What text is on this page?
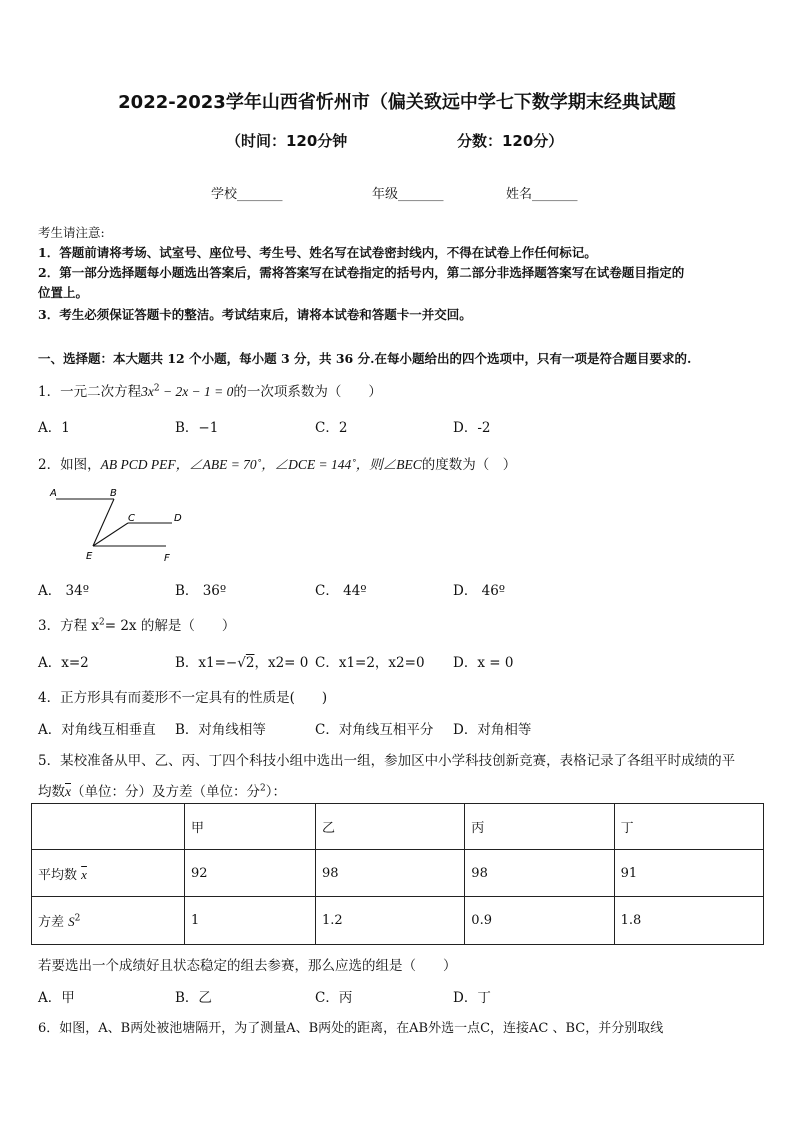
2022-2023学年山西省忻州市（偏关致远中学七下数学期末经典试题
（时间：120分钟	分数：120分）
学校_______	年级_______	姓名_______
考生请注意:
1．答题前请将考场、试室号、座位号、考生号、姓名写在试卷密封线内，不得在试卷上作任何标记。
2．第一部分选择题每小题选出答案后，需将答案写在试卷指定的括号内，第二部分非选择题答案写在试卷题目指定的
位置上。
3．考生必须保证答题卡的整洁。考试结束后，请将本试卷和答题卡一并交回。
一、选择题：本大题共 12 个小题，每小题 3 分，共 36 分.在每小题给出的四个选项中，只有一项是符合题目要求的.
1．一元二次方程$3x^2 - 2x - 1 = 0$的一次项系数为（　　）
A．1	B．−1	C．2	D．-2
2．如图，AB PCD PEF，∠ABE = 70˚，∠DCE = 144˚，则∠BEC的度数为（　）
A	B
C	D
E	F
A． 34º	B． 36º	C． 44º	D． 46º
3．方程 $x^2= 2x$ 的解是（　　）
A．x=2	B．x1=−√2，x2= 0 C．x1=2，x2=0 D．x = 0
4．正方形具有而菱形不一定具有的性质是(　　)
A．对角线互相垂直 B．对角线相等	C．对角线互相平分 D．对角相等
5．某校准备从甲、乙、丙、丁四个科技小组中选出一组，参加区中小学科技创新竞赛，表格记录了各组平时成绩的平
均数$\overline{x}$（单位：分）及方差（单位：分$^2$）：
	甲	乙	丙	丁
平均数 $\overline{x}$	92	98	98	91
方差 $S^2$	1	1.2	0.9	1.8
若要选出一个成绩好且状态稳定的组去参赛，那么应选的组是（　　）
A．甲	B．乙	C．丙	D．丁
6．如图，A、B两处被池塘隔开，为了测量A、B两处的距离，在AB外选一点C，连接AC 、BC，并分别取线
